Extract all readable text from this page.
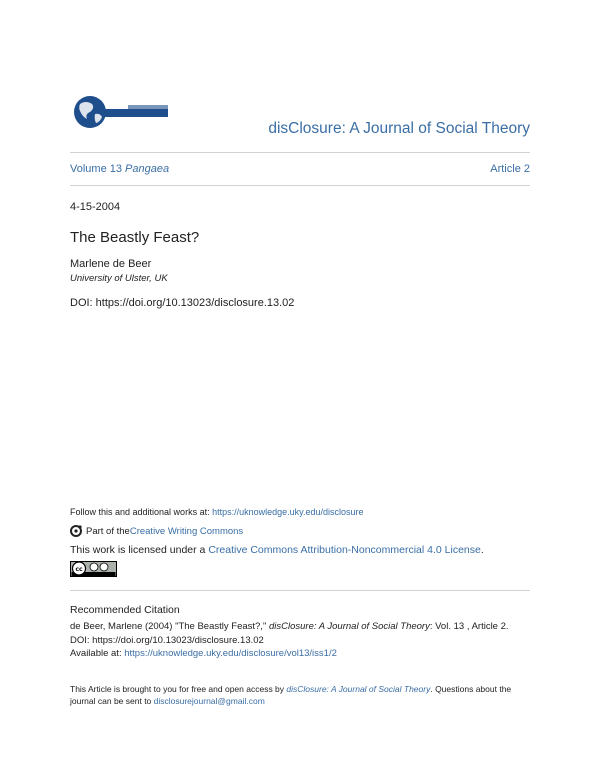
disClosure: A Journal of Social Theory
Volume 13 Pangaea	Article 2
4-15-2004
The Beastly Feast?
Marlene de Beer
University of Ulster, UK
DOI: https://doi.org/10.13023/disclosure.13.02
Follow this and additional works at: https://uknowledge.uky.edu/disclosure
Part of the Creative Writing Commons
This work is licensed under a Creative Commons Attribution-Noncommercial 4.0 License.
cc
Recommended Citation
de Beer, Marlene (2004) "The Beastly Feast?," disClosure: A Journal of Social Theory: Vol. 13 , Article 2.
DOI: https://doi.org/10.13023/disclosure.13.02
Available at: https://uknowledge.uky.edu/disclosure/vol13/iss1/2
This Article is brought to you for free and open access by disClosure: A Journal of Social Theory. Questions about the journal can be sent to disclosurejournal@gmail.com
